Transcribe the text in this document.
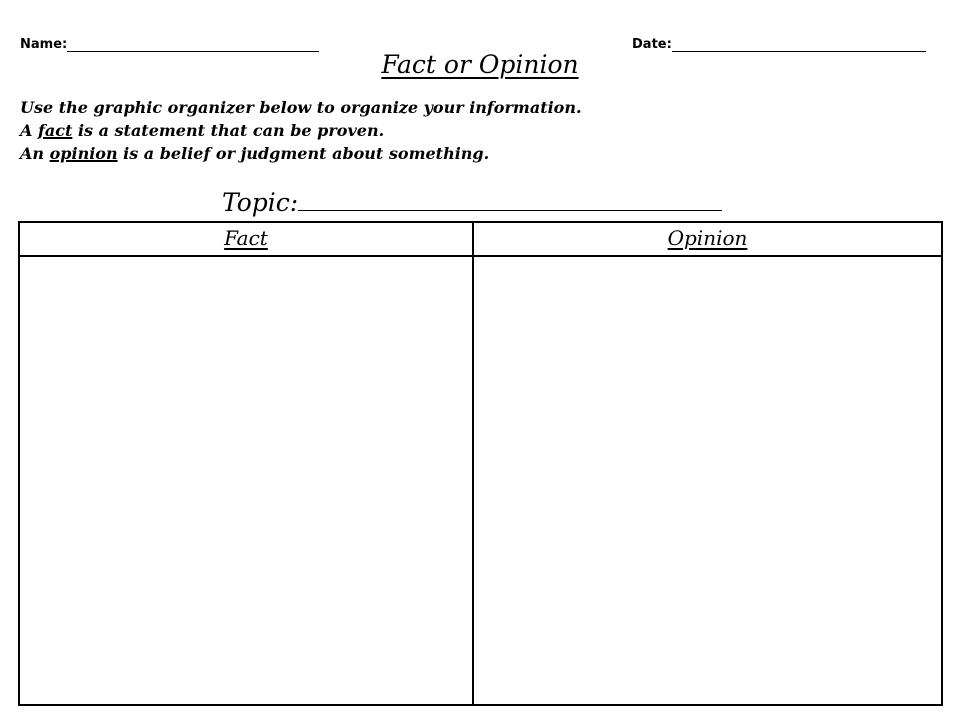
Name:	Date:
Fact or Opinion
Use the graphic organizer below to organize your information.
A fact is a statement that can be proven.
An opinion is a belief or judgment about something.
Topic:
Fact	Opinion
